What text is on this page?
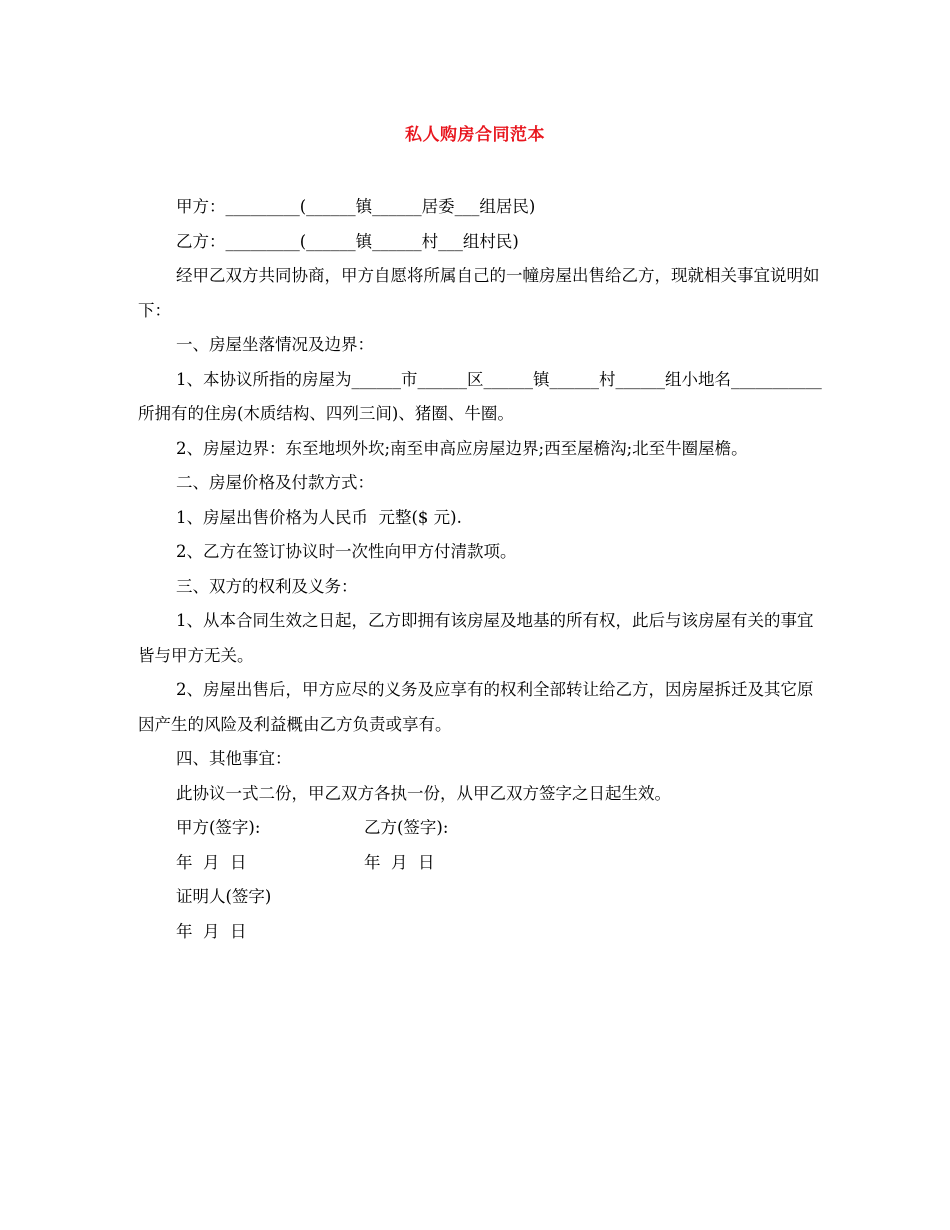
私人购房合同范本

甲方：_________(______镇______居委___组居民)

乙方：_________(______镇______村___组村民)

经甲乙双方共同协商，甲方自愿将所属自己的一幢房屋出售给乙方，现就相关事宜说明如下：

一、房屋坐落情况及边界：

1、本协议所指的房屋为______市______区______镇______村______组小地名___________所拥有的住房(木质结构、四列三间)、猪圈、牛圈。

2、房屋边界：东至地坝外坎;南至申高应房屋边界;西至屋檐沟;北至牛圈屋檐。

二、房屋价格及付款方式：

1、房屋出售价格为人民币  元整($ 元).

2、乙方在签订协议时一次性向甲方付清款项。

三、双方的权利及义务：

1、从本合同生效之日起，乙方即拥有该房屋及地基的所有权，此后与该房屋有关的事宜皆与甲方无关。

2、房屋出售后，甲方应尽的义务及应享有的权利全部转让给乙方，因房屋拆迁及其它原因产生的风险及利益概由乙方负责或享有。

四、其他事宜：

此协议一式二份，甲乙双方各执一份，从甲乙双方签字之日起生效。

甲方(签字):	乙方(签字):
年  月  日	年  月  日
证明人(签字)
年  月  日
